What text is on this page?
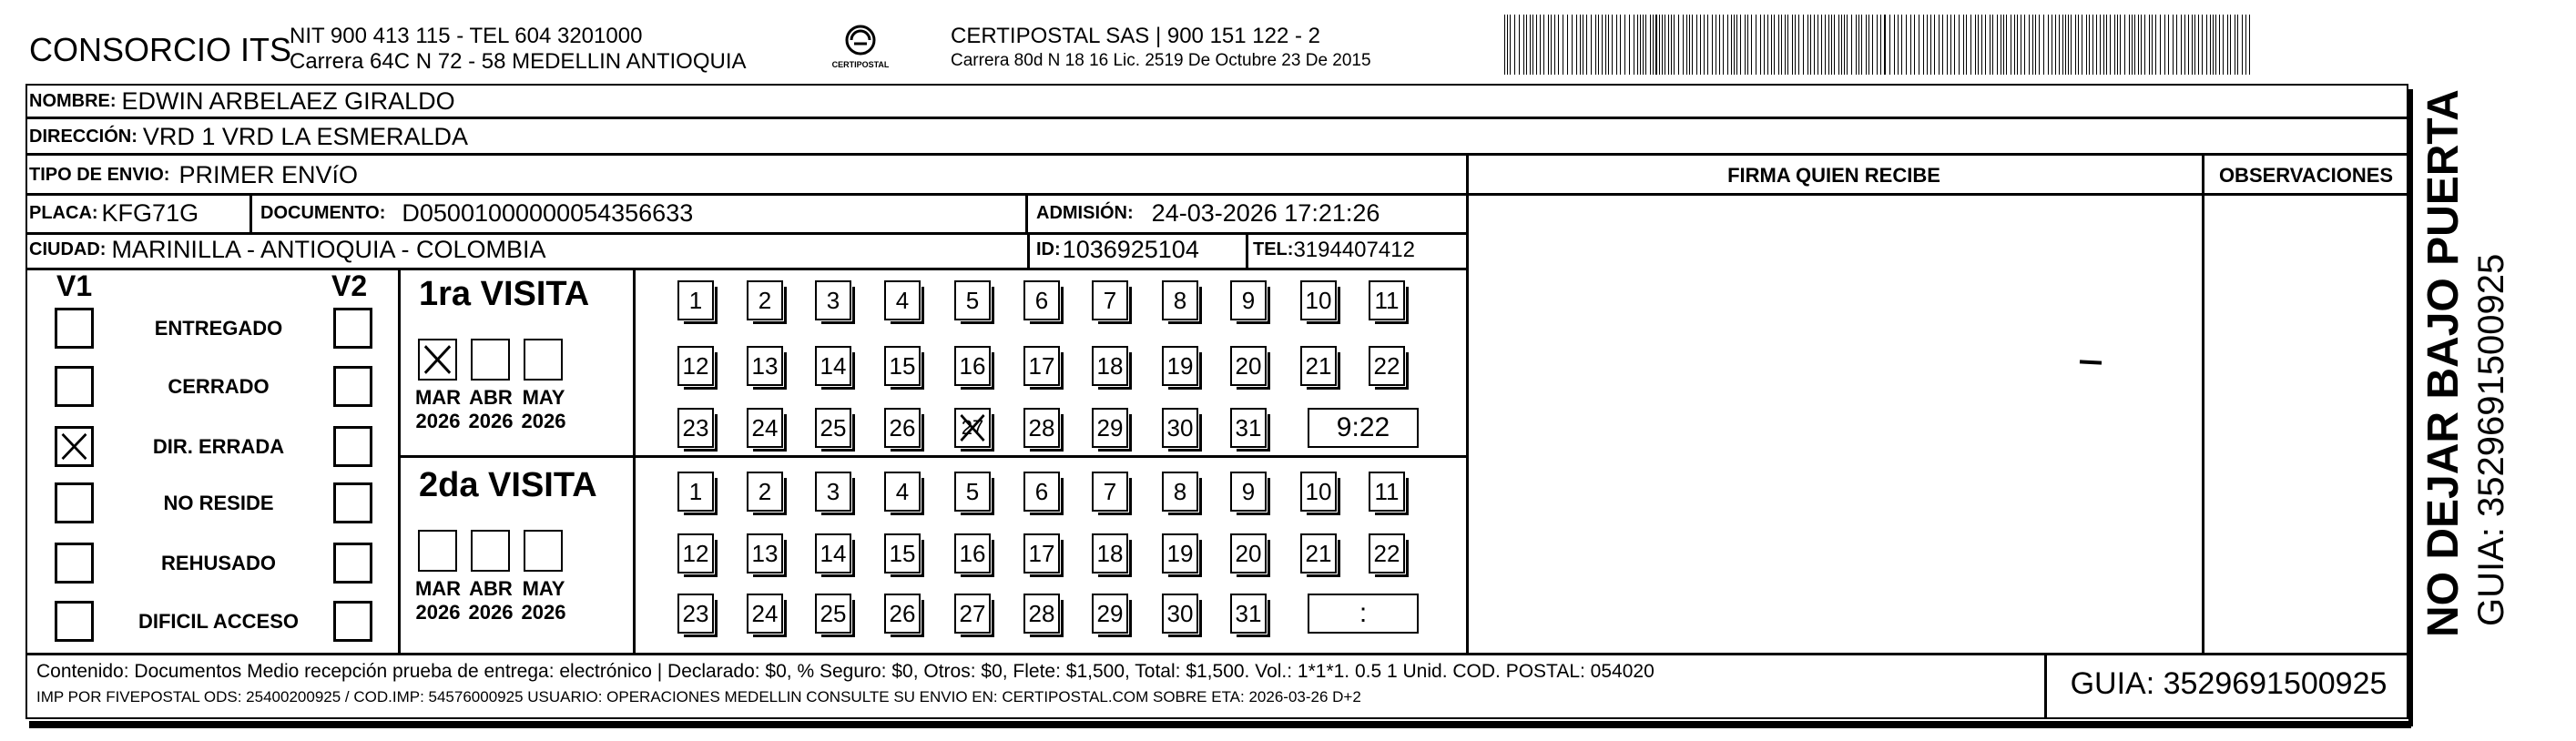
CONSORCIO ITS
NIT 900 413 115 - TEL 604 3201000
Carrera 64C N 72 - 58 MEDELLIN ANTIOQUIA	CERTIPOSTAL
CERTIPOSTAL SAS | 900 151 122 - 2
Carrera 80d N 18 16 Lic. 2519 De Octubre 23 De 2015
NOMBRE: EDWIN ARBELAEZ GIRALDO
DIRECCIÓN: VRD 1 VRD LA ESMERALDA
TIPO DE ENVIO: PRIMER ENVíO
PLACA: KFG71G	DOCUMENTO: D05001000000054356633	ADMISIÓN: 24-03-2026 17:21:26
CIUDAD: MARINILLA - ANTIOQUIA - COLOMBIA	ID: 1036925104	TEL: 3194407412
FIRMA QUIEN RECIBE	OBSERVACIONES
V1	V2
ENTREGADO
CERRADO
DIR. ERRADA
NO RESIDE
REHUSADO
DIFICIL ACCESO
1ra VISITA
2da VISITA
MAR
2026
ABR
2026
MAY
2026
1	2	3	4	5	6	7	8	9	10 11
12 13 14 15 16 17 18 19 20 21 22
23 24 25 26 27 28 29 30 31	9:22
MAR
2026
ABR
2026
MAY
2026
1	2	3	4	5	6	7	8	9	10 11
12 13 14 15 16 17 18 19 20 21 22
23 24 25 26 27 28 29 30 31	:
Contenido: Documentos Medio recepción prueba de entrega: electrónico | Declarado: $0, % Seguro: $0, Otros: $0, Flete: $1,500, Total: $1,500. Vol.: 1*1*1. 0.5 1 Unid. COD. POSTAL: 054020
IMP POR FIVEPOSTAL ODS: 25400200925 / COD.IMP: 54576000925 USUARIO: OPERACIONES MEDELLIN CONSULTE SU ENVIO EN: CERTIPOSTAL.COM SOBRE ETA: 2026-03-26 D+2	GUIA: 3529691500925
NO DEJAR BAJO PUERTA GUIA: 3529691500925
